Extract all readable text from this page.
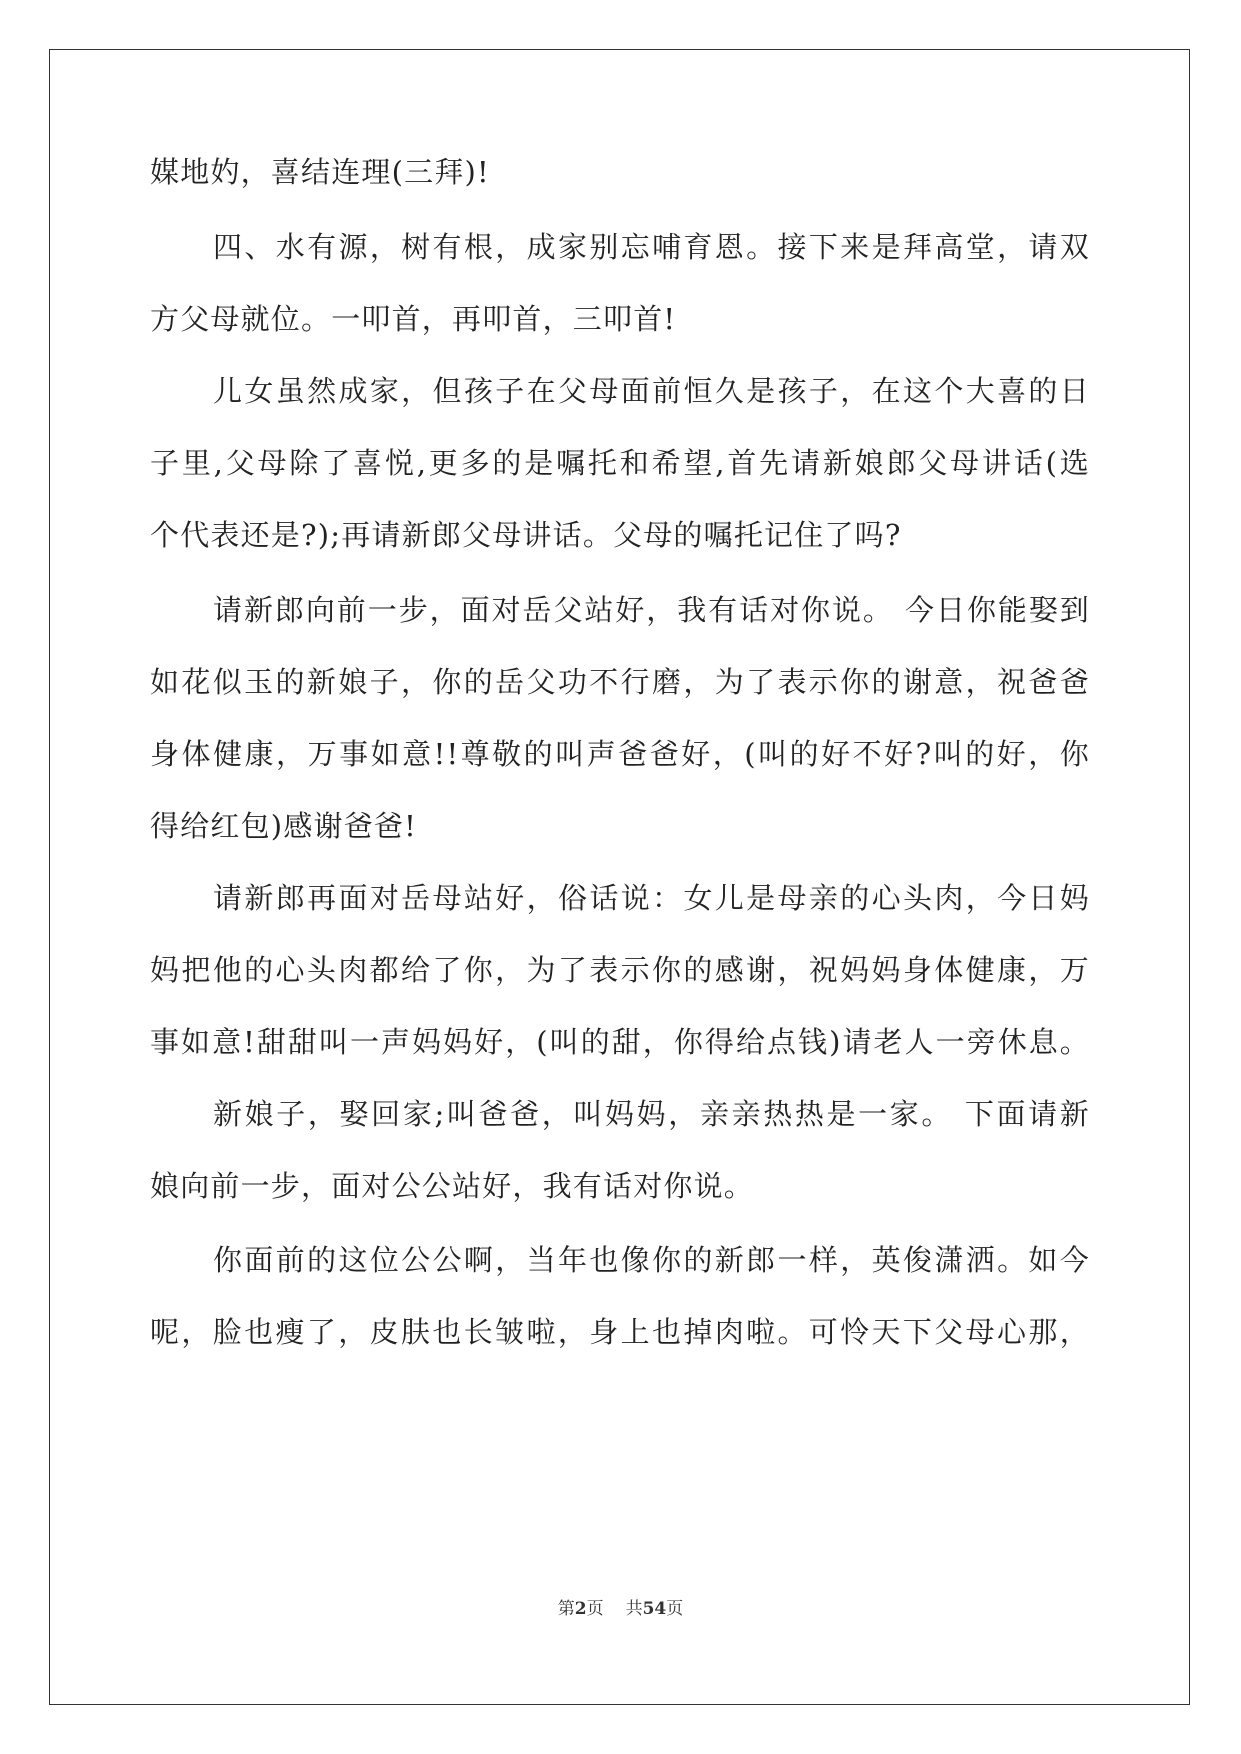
媒地妁，喜结连理(三拜)!
四、水有源，树有根，成家别忘哺育恩。接下来是拜高堂，请双
方父母就位。一叩首，再叩首，三叩首!
儿女虽然成家，但孩子在父母面前恒久是孩子，在这个大喜的日
子里,父母除了喜悦,更多的是嘱托和希望,首先请新娘郎父母讲话(选
个代表还是?);再请新郎父母讲话。父母的嘱托记住了吗?
请新郎向前一步，面对岳父站好，我有话对你说。 今日你能娶到
如花似玉的新娘子，你的岳父功不行磨，为了表示你的谢意，祝爸爸
身体健康，万事如意!!尊敬的叫声爸爸好，(叫的好不好?叫的好，你
得给红包)感谢爸爸!
请新郎再面对岳母站好，俗话说：女儿是母亲的心头肉，今日妈
妈把他的心头肉都给了你，为了表示你的感谢，祝妈妈身体健康，万
事如意!甜甜叫一声妈妈好，(叫的甜，你得给点钱)请老人一旁休息。
新娘子，娶回家;叫爸爸，叫妈妈，亲亲热热是一家。 下面请新
娘向前一步，面对公公站好，我有话对你说。
你面前的这位公公啊，当年也像你的新郎一样，英俊潇洒。如今
呢，脸也瘦了，皮肤也长皱啦，身上也掉肉啦。可怜天下父母心那，
第2页 共54页
